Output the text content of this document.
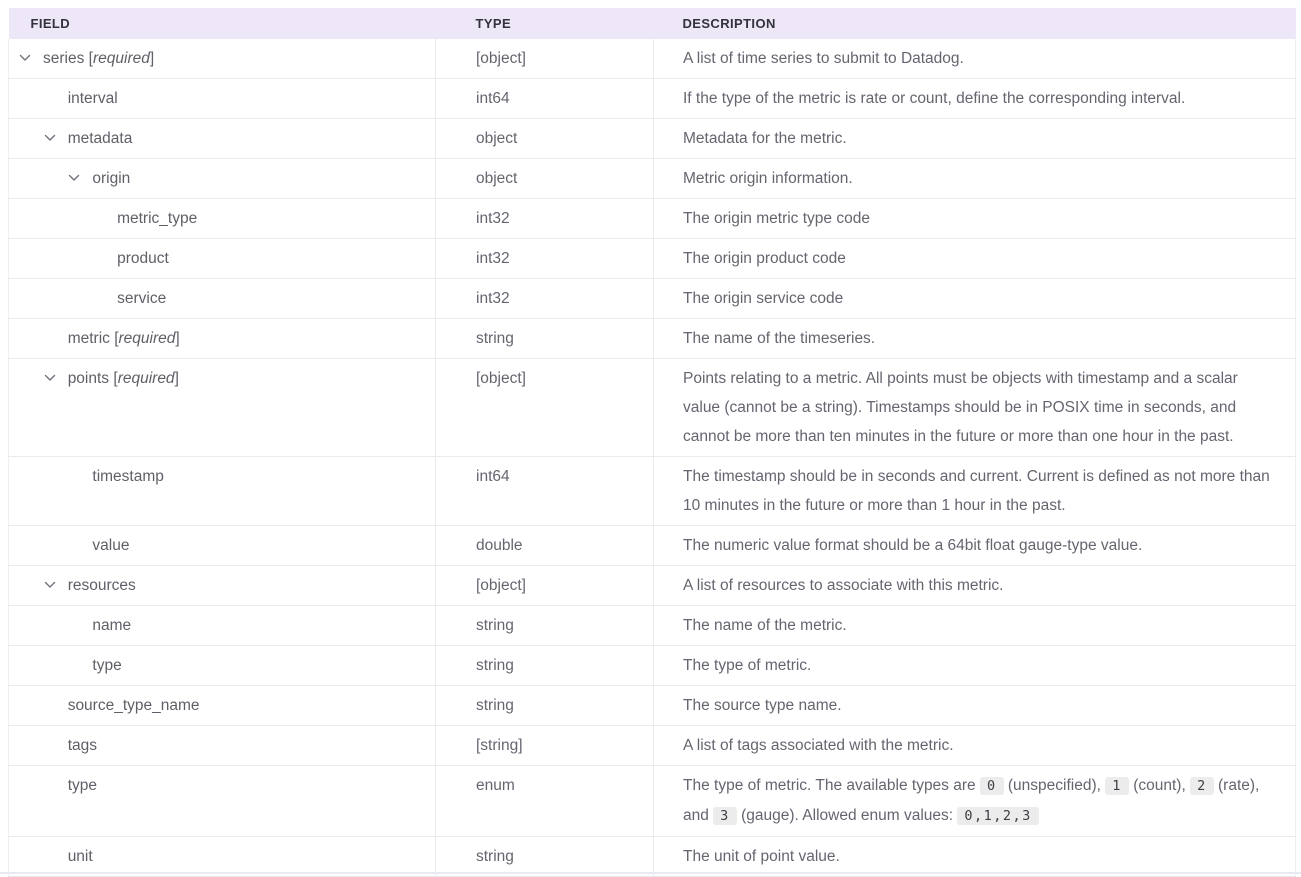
FIELD	TYPE	DESCRIPTION
series [required]	[object]	A list of time series to submit to Datadog.
interval	int64	If the type of the metric is rate or count, define the corresponding interval.
metadata	object	Metadata for the metric.
origin	object	Metric origin information.
metric_type	int32	The origin metric type code
product	int32	The origin product code
service	int32	The origin service code
metric [required]	string	The name of the timeseries.
points [required]	[object]	Points relating to a metric. All points must be objects with timestamp and a scalar value (cannot be a string). Timestamps should be in POSIX time in seconds, and cannot be more than ten minutes in the future or more than one hour in the past.
timestamp	int64	The timestamp should be in seconds and current. Current is defined as not more than 10 minutes in the future or more than 1 hour in the past.
value	double	The numeric value format should be a 64bit float gauge-type value.
resources	[object]	A list of resources to associate with this metric.
name	string	The name of the metric.
type	string	The type of metric.
source_type_name	string	The source type name.
tags	[string]	A list of tags associated with the metric.
type	enum	The type of metric. The available types are 0 (unspecified), 1 (count), 2 (rate), and 3 (gauge). Allowed enum values: 0,1,2,3
unit	string	The unit of point value.
